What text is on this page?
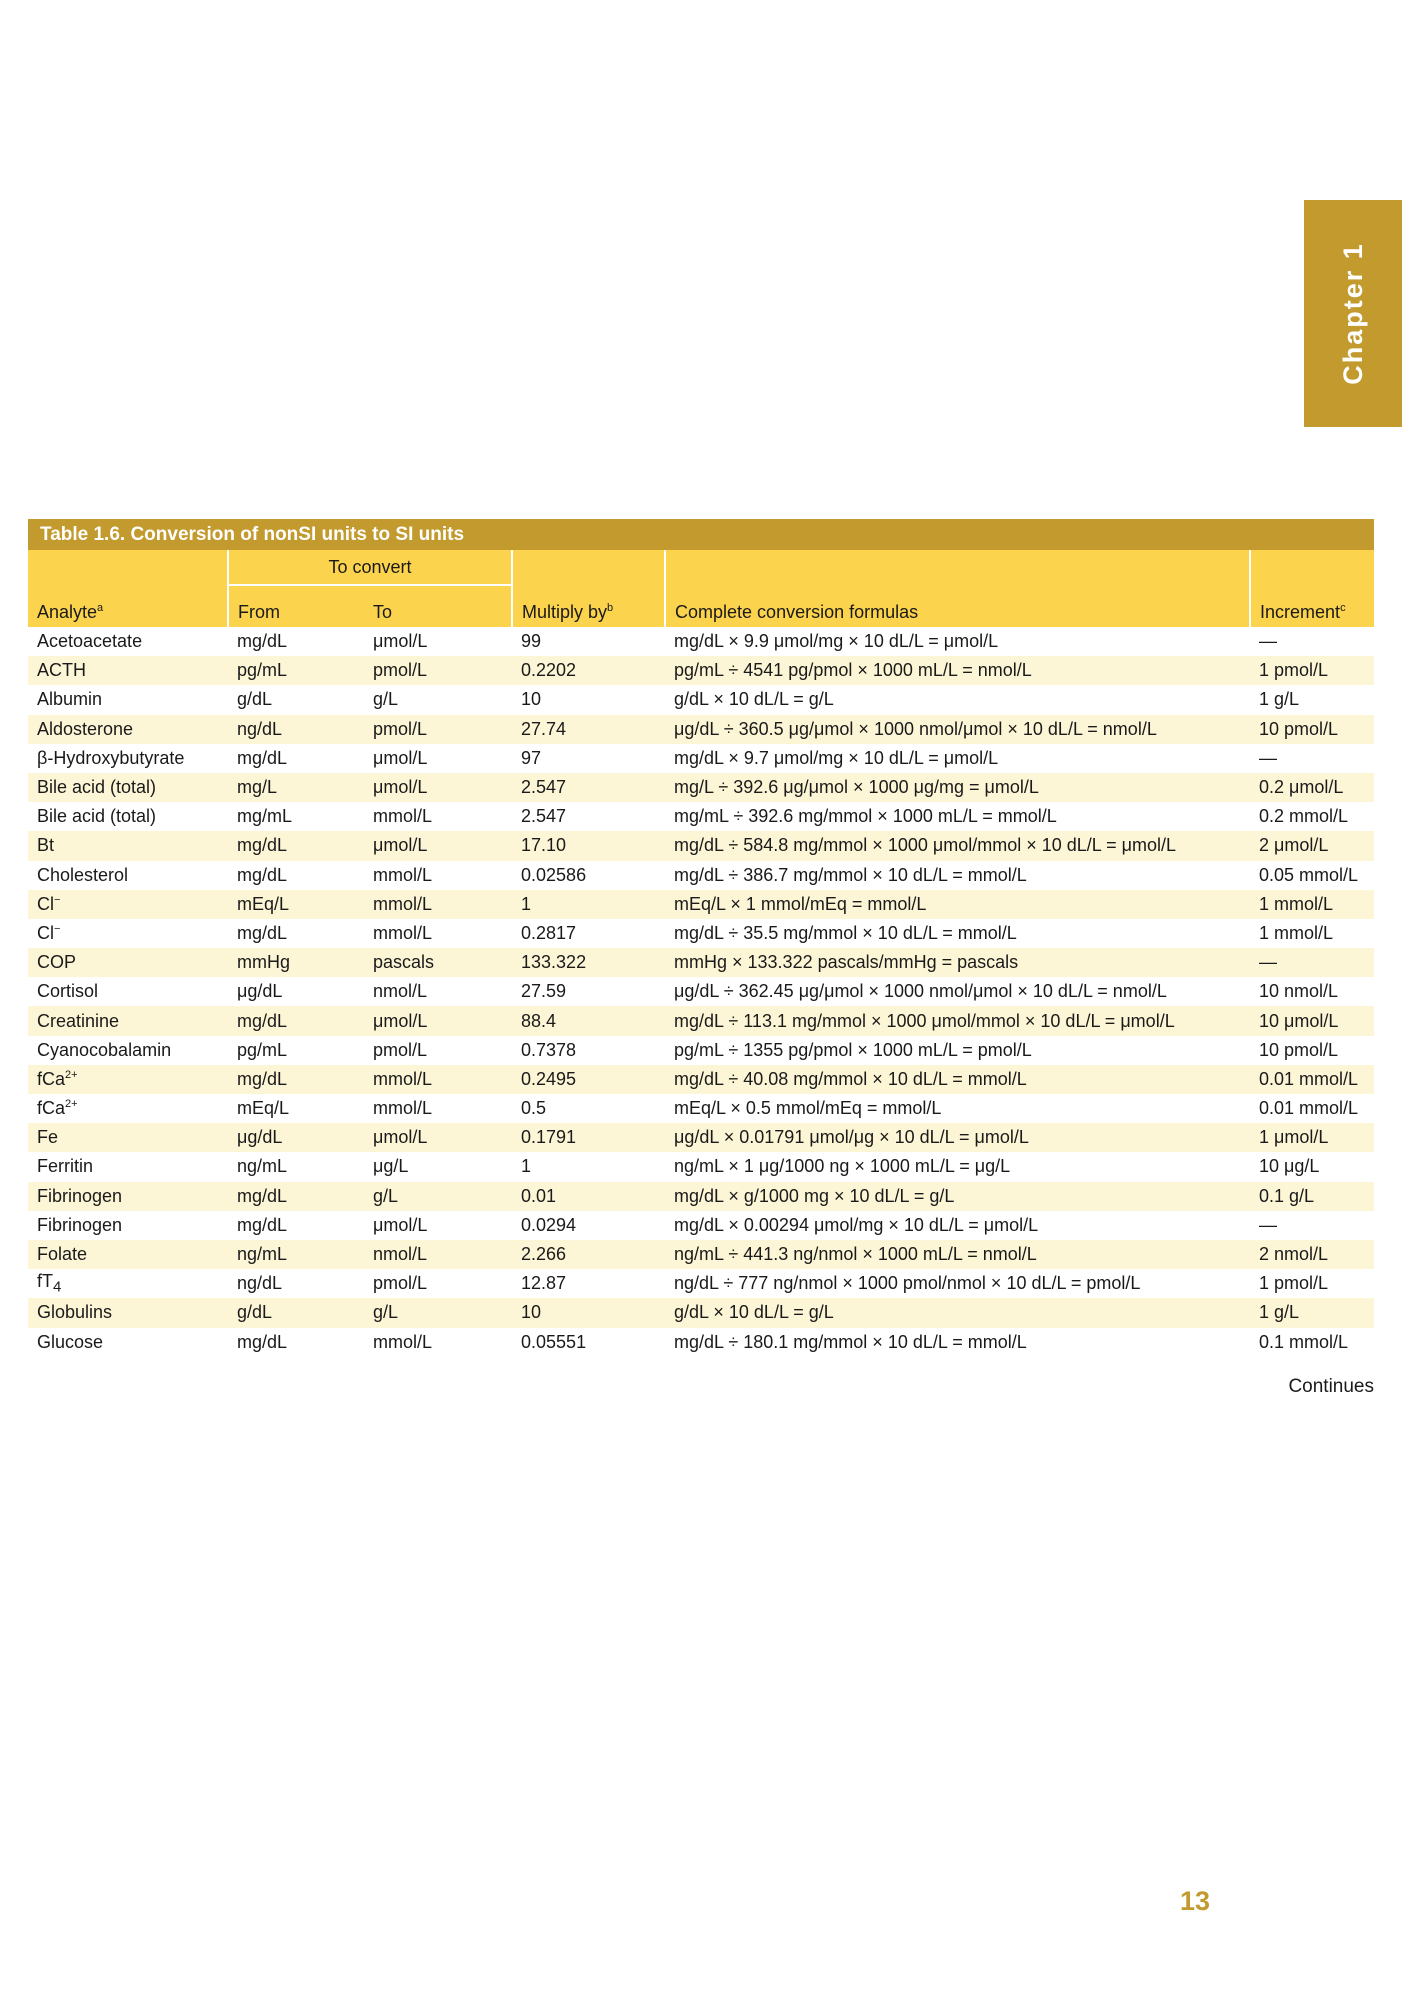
Chapter 1
Table 1.6. Conversion of nonSI units to SI units
	To convert				
Analyte$^a$	From	To	Multiply $by^b$	Complete conversion formulas	Increment$^c$
Acetoacetate	mg/dL	μmol/L	99	mg/dL × 9.9 μmol/mg × 10 dL/L = μmol/L	—
ACTH	pg/mL	pmol/L	0.2202	pg/mL ÷ 4541 pg/pmol × 1000 mL/L = nmol/L	1 pmol/L
Albumin	g/dL	g/L	10	g/dL × 10 dL/L = g/L	1 g/L
Aldosterone	ng/dL	pmol/L	27.74	μg/dL ÷ 360.5 μg/μmol × 1000 nmol/μmol × 10 dL/L = nmol/L	10 pmol/L
β-Hydroxybutyrate	mg/dL	μmol/L	97	mg/dL × 9.7 μmol/mg × 10 dL/L = μmol/L	—
Bile acid (total)	mg/L	μmol/L	2.547	mg/L ÷ 392.6 μg/μmol × 1000 μg/mg = μmol/L	0.2 μmol/L
Bile acid (total)	mg/mL	mmol/L	2.547	mg/mL ÷ 392.6 mg/mmol × 1000 mL/L = mmol/L	0.2 mmol/L
Bt	mg/dL	μmol/L	17.10	mg/dL ÷ 584.8 mg/mmol × 1000 μmol/mmol × 10 dL/L = μmol/L	2 μmol/L
Cholesterol	mg/dL	mmol/L	0.02586	mg/dL ÷ 386.7 mg/mmol × 10 dL/L = mmol/L	0.05 mmol/L
Cl−	mEq/L	mmol/L	1	mEq/L × 1 mmol/mEq = mmol/L	1 mmol/L
Cl−	mg/dL	mmol/L	0.2817	mg/dL ÷ 35.5 mg/mmol × 10 dL/L = mmol/L	1 mmol/L
COP	mmHg	pascals	133.322	mmHg × 133.322 pascals/mmHg = pascals	—
Cortisol	μg/dL	nmol/L	27.59	μg/dL ÷ 362.45 μg/μmol × 1000 nmol/μmol × 10 dL/L = nmol/L	10 nmol/L
Creatinine	mg/dL	μmol/L	88.4	mg/dL ÷ 113.1 mg/mmol × 1000 μmol/mmol × 10 dL/L = μmol/L	10 μmol/L
Cyanocobalamin	pg/mL	pmol/L	0.7378	pg/mL ÷ 1355 pg/pmol × 1000 mL/L = pmol/L	10 pmol/L
fCa$^{2+}$	mg/dL	mmol/L	0.2495	mg/dL ÷ 40.08 mg/mmol × 10 dL/L = mmol/L	0.01 mmol/L
fCa$^{2+}$	mEq/L	mmol/L	0.5	mEq/L × 0.5 mmol/mEq = mmol/L	0.01 mmol/L
Fe	μg/dL	μmol/L	0.1791	μg/dL × 0.01791 μmol/μg × 10 dL/L = μmol/L	1 μmol/L
Ferritin	ng/mL	μg/L	1	ng/mL × 1 μg/1000 ng × 1000 mL/L = μg/L	10 μg/L
Fibrinogen	mg/dL	g/L	0.01	mg/dL × g/1000 mg × 10 dL/L = g/L	0.1 g/L
Fibrinogen	mg/dL	μmol/L	0.0294	mg/dL × 0.00294 μmol/mg × 10 dL/L = μmol/L	—
Folate	ng/mL	nmol/L	2.266	ng/mL ÷ 441.3 ng/nmol × 1000 mL/L = nmol/L	2 nmol/L
$fT_4$	ng/dL	pmol/L	12.87	ng/dL ÷ 777 ng/nmol × 1000 pmol/nmol × 10 dL/L = pmol/L	1 pmol/L
Globulins	g/dL	g/L	10	g/dL × 10 dL/L = g/L	1 g/L
Glucose	mg/dL	mmol/L	0.05551	mg/dL ÷ 180.1 mg/mmol × 10 dL/L = mmol/L	0.1 mmol/L
Continues
13
